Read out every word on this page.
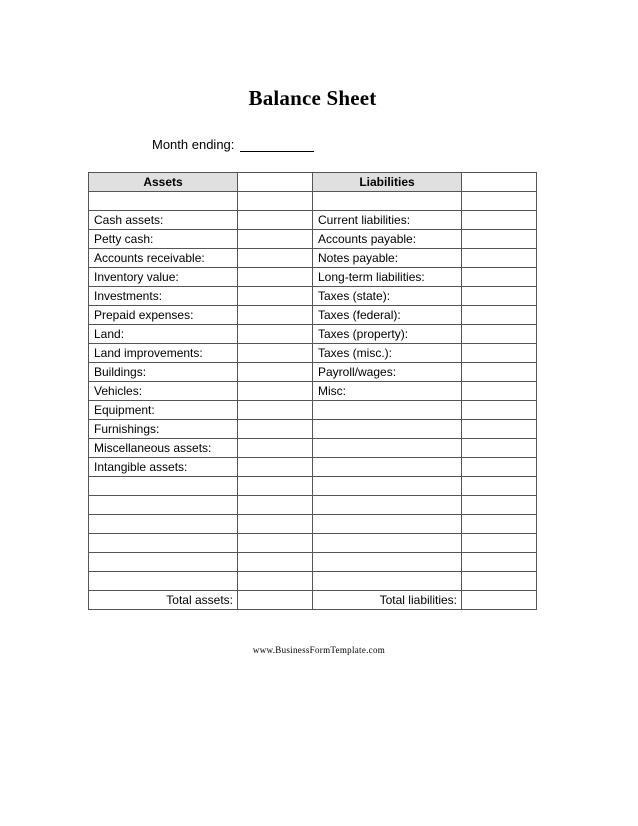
Balance Sheet
Month ending:
Assets		Liabilities	

Cash assets:		Current liabilities:	
Petty cash:		Accounts payable:	
Accounts receivable:		Notes payable:	
Inventory value:		Long-term liabilities:	
Investments:		Taxes (state):	
Prepaid expenses:		Taxes (federal):	
Land:		Taxes (property):	
Land improvements:		Taxes (misc.):	
Buildings:		Payroll/wages:	
Vehicles:		Misc:	
Equipment:			
Furnishings:			
Miscellaneous assets:			
Intangible assets:			

Total assets:		Total liabilities:	
www.BusinessFormTemplate.com
